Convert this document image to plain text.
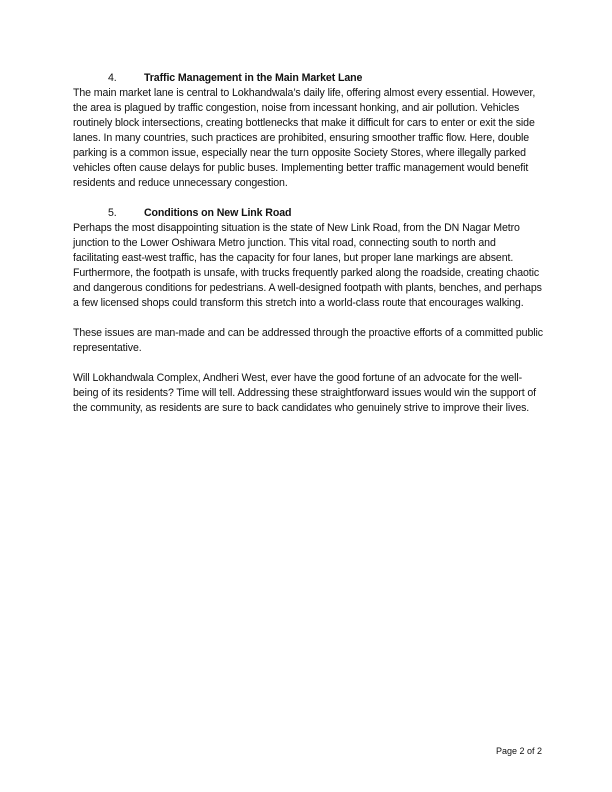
4.	Traffic Management in the Main Market Lane

The main market lane is central to Lokhandwala’s daily life, offering almost every essential. However, the area is plagued by traffic congestion, noise from incessant honking, and air pollution. Vehicles routinely block intersections, creating bottlenecks that make it difficult for cars to enter or exit the side lanes. In many countries, such practices are prohibited, ensuring smoother traffic flow. Here, double parking is a common issue, especially near the turn opposite Society Stores, where illegally parked vehicles often cause delays for public buses. Implementing better traffic management would benefit residents and reduce unnecessary congestion.

5.	Conditions on New Link Road

Perhaps the most disappointing situation is the state of New Link Road, from the DN Nagar Metro junction to the Lower Oshiwara Metro junction. This vital road, connecting south to north and facilitating east-west traffic, has the capacity for four lanes, but proper lane markings are absent. Furthermore, the footpath is unsafe, with trucks frequently parked along the roadside, creating chaotic and dangerous conditions for pedestrians. A well-designed footpath with plants, benches, and perhaps a few licensed shops could transform this stretch into a world-class route that encourages walking.

These issues are man-made and can be addressed through the proactive efforts of a committed public representative.

Will Lokhandwala Complex, Andheri West, ever have the good fortune of an advocate for the well-being of its residents? Time will tell. Addressing these straightforward issues would win the support of the community, as residents are sure to back candidates who genuinely strive to improve their lives.

Page 2 of 2
